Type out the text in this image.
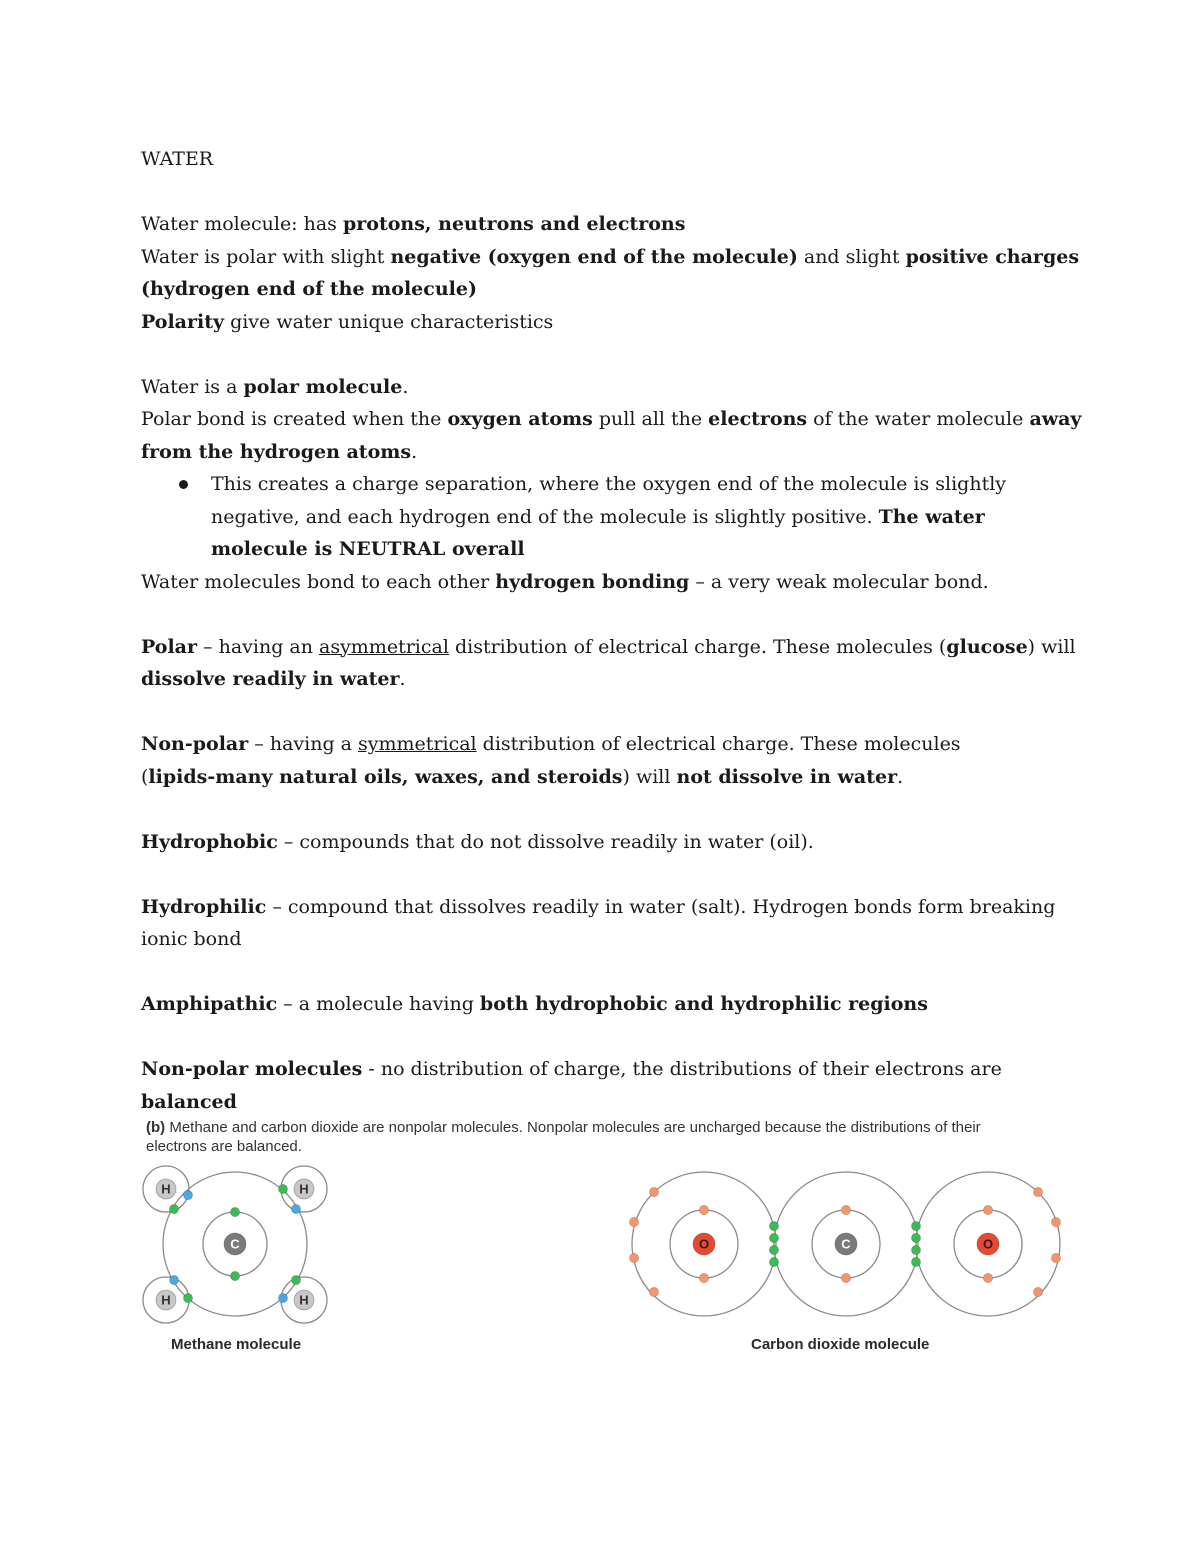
WATER
Water molecule: has protons, neutrons and electrons
Water is polar with slight negative (oxygen end of the molecule) and slight positive charges
(hydrogen end of the molecule)
Polarity give water unique characteristics
Water is a polar molecule.
Polar bond is created when the oxygen atoms pull all the electrons of the water molecule away
from the hydrogen atoms.
This creates a charge separation, where the oxygen end of the molecule is slightly
negative, and each hydrogen end of the molecule is slightly positive. The water
molecule is NEUTRAL overall
Water molecules bond to each other hydrogen bonding – a very weak molecular bond.
Polar – having an asymmetrical distribution of electrical charge. These molecules (glucose) will
dissolve readily in water.
Non-polar – having a symmetrical distribution of electrical charge. These molecules
(lipids-many natural oils, waxes, and steroids) will not dissolve in water.
Hydrophobic – compounds that do not dissolve readily in water (oil).
Hydrophilic – compound that dissolves readily in water (salt). Hydrogen bonds form breaking
ionic bond
Amphipathic – a molecule having both hydrophobic and hydrophilic regions
Non-polar molecules - no distribution of charge, the distributions of their electrons are
balanced
(b) Methane and carbon dioxide are nonpolar molecules. Nonpolar molecules are uncharged because the distributions of their
electrons are balanced.
C
H	H
H	H
O	C	O
Methane molecule	Carbon dioxide molecule
